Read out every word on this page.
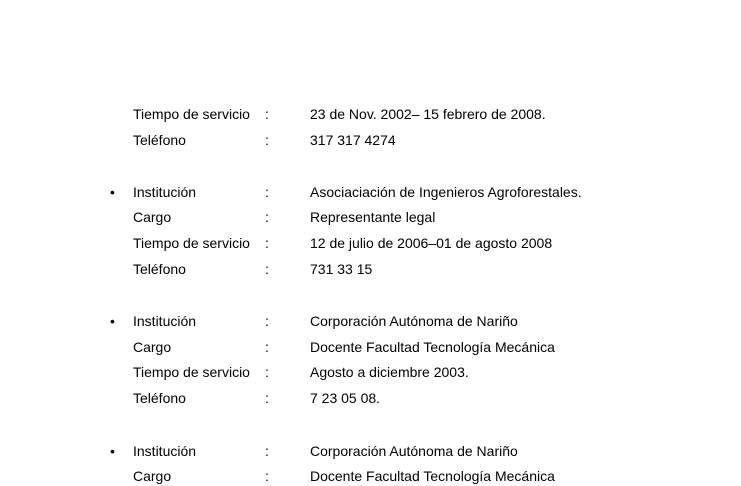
Tiempo de servicio :	23 de Nov. 2002– 15 febrero de 2008.
Teléfono	:	317 317 4274
• Institución	:	Asociaciación de Ingenieros Agroforestales.
Cargo	:	Representante legal
Tiempo de servicio :	12 de julio de 2006–01 de agosto 2008
Teléfono	:	731 33 15
• Institución	:	Corporación Autónoma de Nariño
Cargo	:	Docente Facultad Tecnología Mecánica
Tiempo de servicio :	Agosto a diciembre 2003.
Teléfono	:	7 23 05 08.
• Institución	:	Corporación Autónoma de Nariño
Cargo	:	Docente Facultad Tecnología Mecánica
